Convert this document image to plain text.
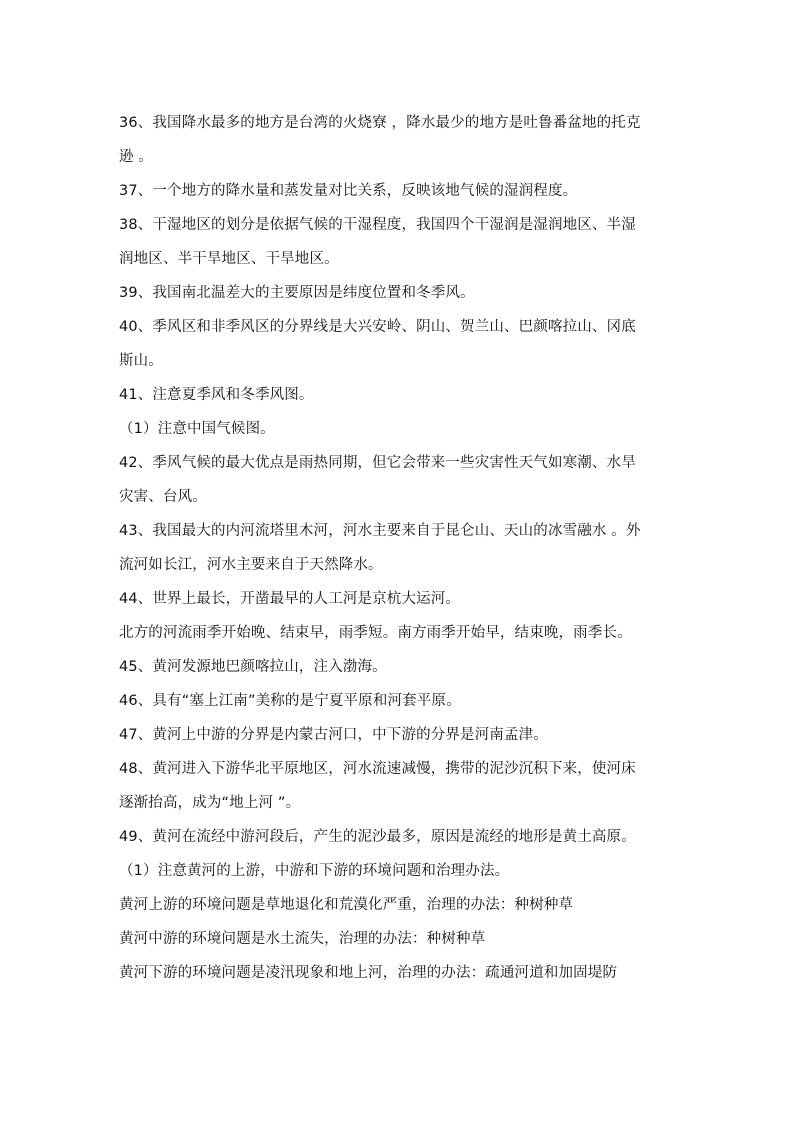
36、我国降水最多的地方是台湾的火烧寮 ，降水最少的地方是吐鲁番盆地的托克
逊 。
37、一个地方的降水量和蒸发量对比关系，反映该地气候的湿润程度。
38、干湿地区的划分是依据气候的干湿程度，我国四个干湿润是湿润地区、半湿
润地区、半干旱地区、干旱地区。
39、我国南北温差大的主要原因是纬度位置和冬季风。
40、季风区和非季风区的分界线是大兴安岭、阴山、贺兰山、巴颜喀拉山、冈底
斯山。
41、注意夏季风和冬季风图。
（1）注意中国气候图。
42、季风气候的最大优点是雨热同期，但它会带来一些灾害性天气如寒潮、水旱
灾害、台风。
43、我国最大的内河流塔里木河，河水主要来自于昆仑山、天山的冰雪融水 。外
流河如长江，河水主要来自于天然降水。
44、世界上最长，开凿最早的人工河是京杭大运河。
北方的河流雨季开始晚、结束早，雨季短。南方雨季开始早，结束晚，雨季长。
45、黄河发源地巴颜喀拉山，注入渤海。
46、具有“塞上江南”美称的是宁夏平原和河套平原。
47、黄河上中游的分界是内蒙古河口，中下游的分界是河南孟津。
48、黄河进入下游华北平原地区，河水流速减慢，携带的泥沙沉积下来，使河床
逐渐抬高，成为“地上河 ”。
49、黄河在流经中游河段后，产生的泥沙最多，原因是流经的地形是黄土高原。
（1）注意黄河的上游，中游和下游的环境问题和治理办法。
黄河上游的环境问题是草地退化和荒漠化严重，治理的办法：种树种草
黄河中游的环境问题是水土流失，治理的办法：种树种草
黄河下游的环境问题是凌汛现象和地上河，治理的办法：疏通河道和加固堤防
